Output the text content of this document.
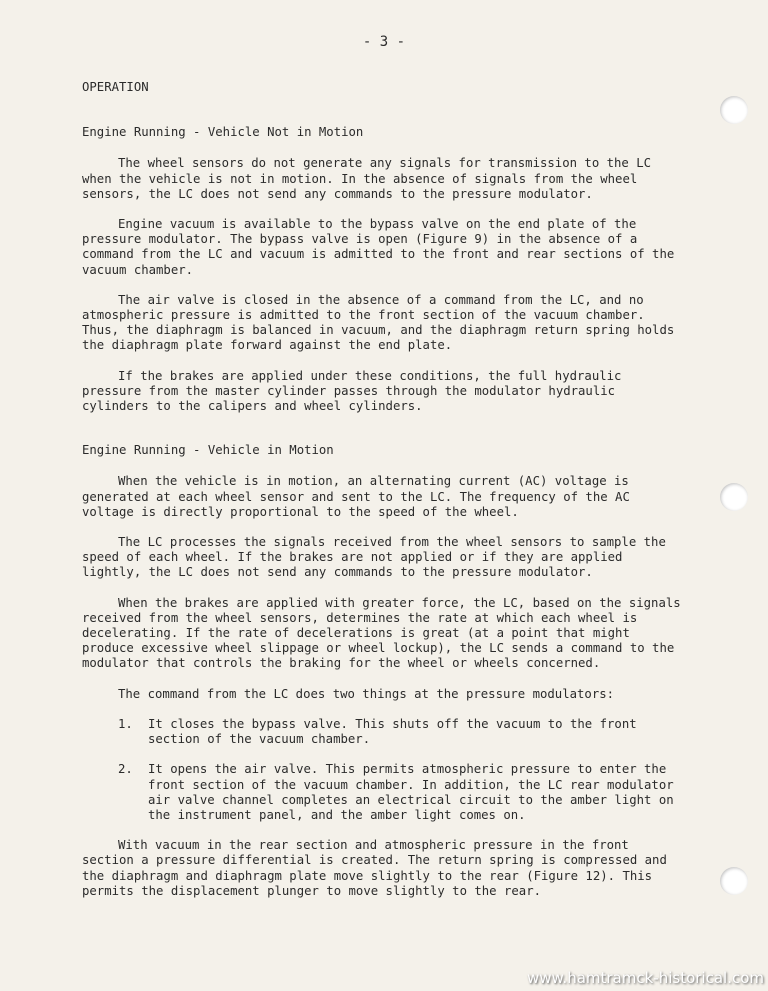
- 3 -

OPERATION

Engine Running - Vehicle Not in Motion

The wheel sensors do not generate any signals for transmission to the LC when the vehicle is not in motion. In the absence of signals from the wheel sensors, the LC does not send any commands to the pressure modulator.

Engine vacuum is available to the bypass valve on the end plate of the pressure modulator. The bypass valve is open (Figure 9) in the absence of a command from the LC and vacuum is admitted to the front and rear sections of the vacuum chamber.

The air valve is closed in the absence of a command from the LC, and no atmospheric pressure is admitted to the front section of the vacuum chamber. Thus, the diaphragm is balanced in vacuum, and the diaphragm return spring holds the diaphragm plate forward against the end plate.

If the brakes are applied under these conditions, the full hydraulic pressure from the master cylinder passes through the modulator hydraulic cylinders to the calipers and wheel cylinders.

Engine Running - Vehicle in Motion

When the vehicle is in motion, an alternating current (AC) voltage is generated at each wheel sensor and sent to the LC. The frequency of the AC voltage is directly proportional to the speed of the wheel.

The LC processes the signals received from the wheel sensors to sample the speed of each wheel. If the brakes are not applied or if they are applied lightly, the LC does not send any commands to the pressure modulator.

When the brakes are applied with greater force, the LC, based on the signals received from the wheel sensors, determines the rate at which each wheel is decelerating. If the rate of decelerations is great (at a point that might produce excessive wheel slippage or wheel lockup), the LC sends a command to the modulator that controls the braking for the wheel or wheels concerned.

The command from the LC does two things at the pressure modulators:

1. It closes the bypass valve. This shuts off the vacuum to the front section of the vacuum chamber.
2. It opens the air valve. This permits atmospheric pressure to enter the front section of the vacuum chamber. In addition, the LC rear modulator air valve channel completes an electrical circuit to the amber light on the instrument panel, and the amber light comes on.

With vacuum in the rear section and atmospheric pressure in the front section a pressure differential is created. The return spring is compressed and the diaphragm and diaphragm plate move slightly to the rear (Figure 12). This permits the displacement plunger to move slightly to the rear.

www.hamtramck-historical.com
